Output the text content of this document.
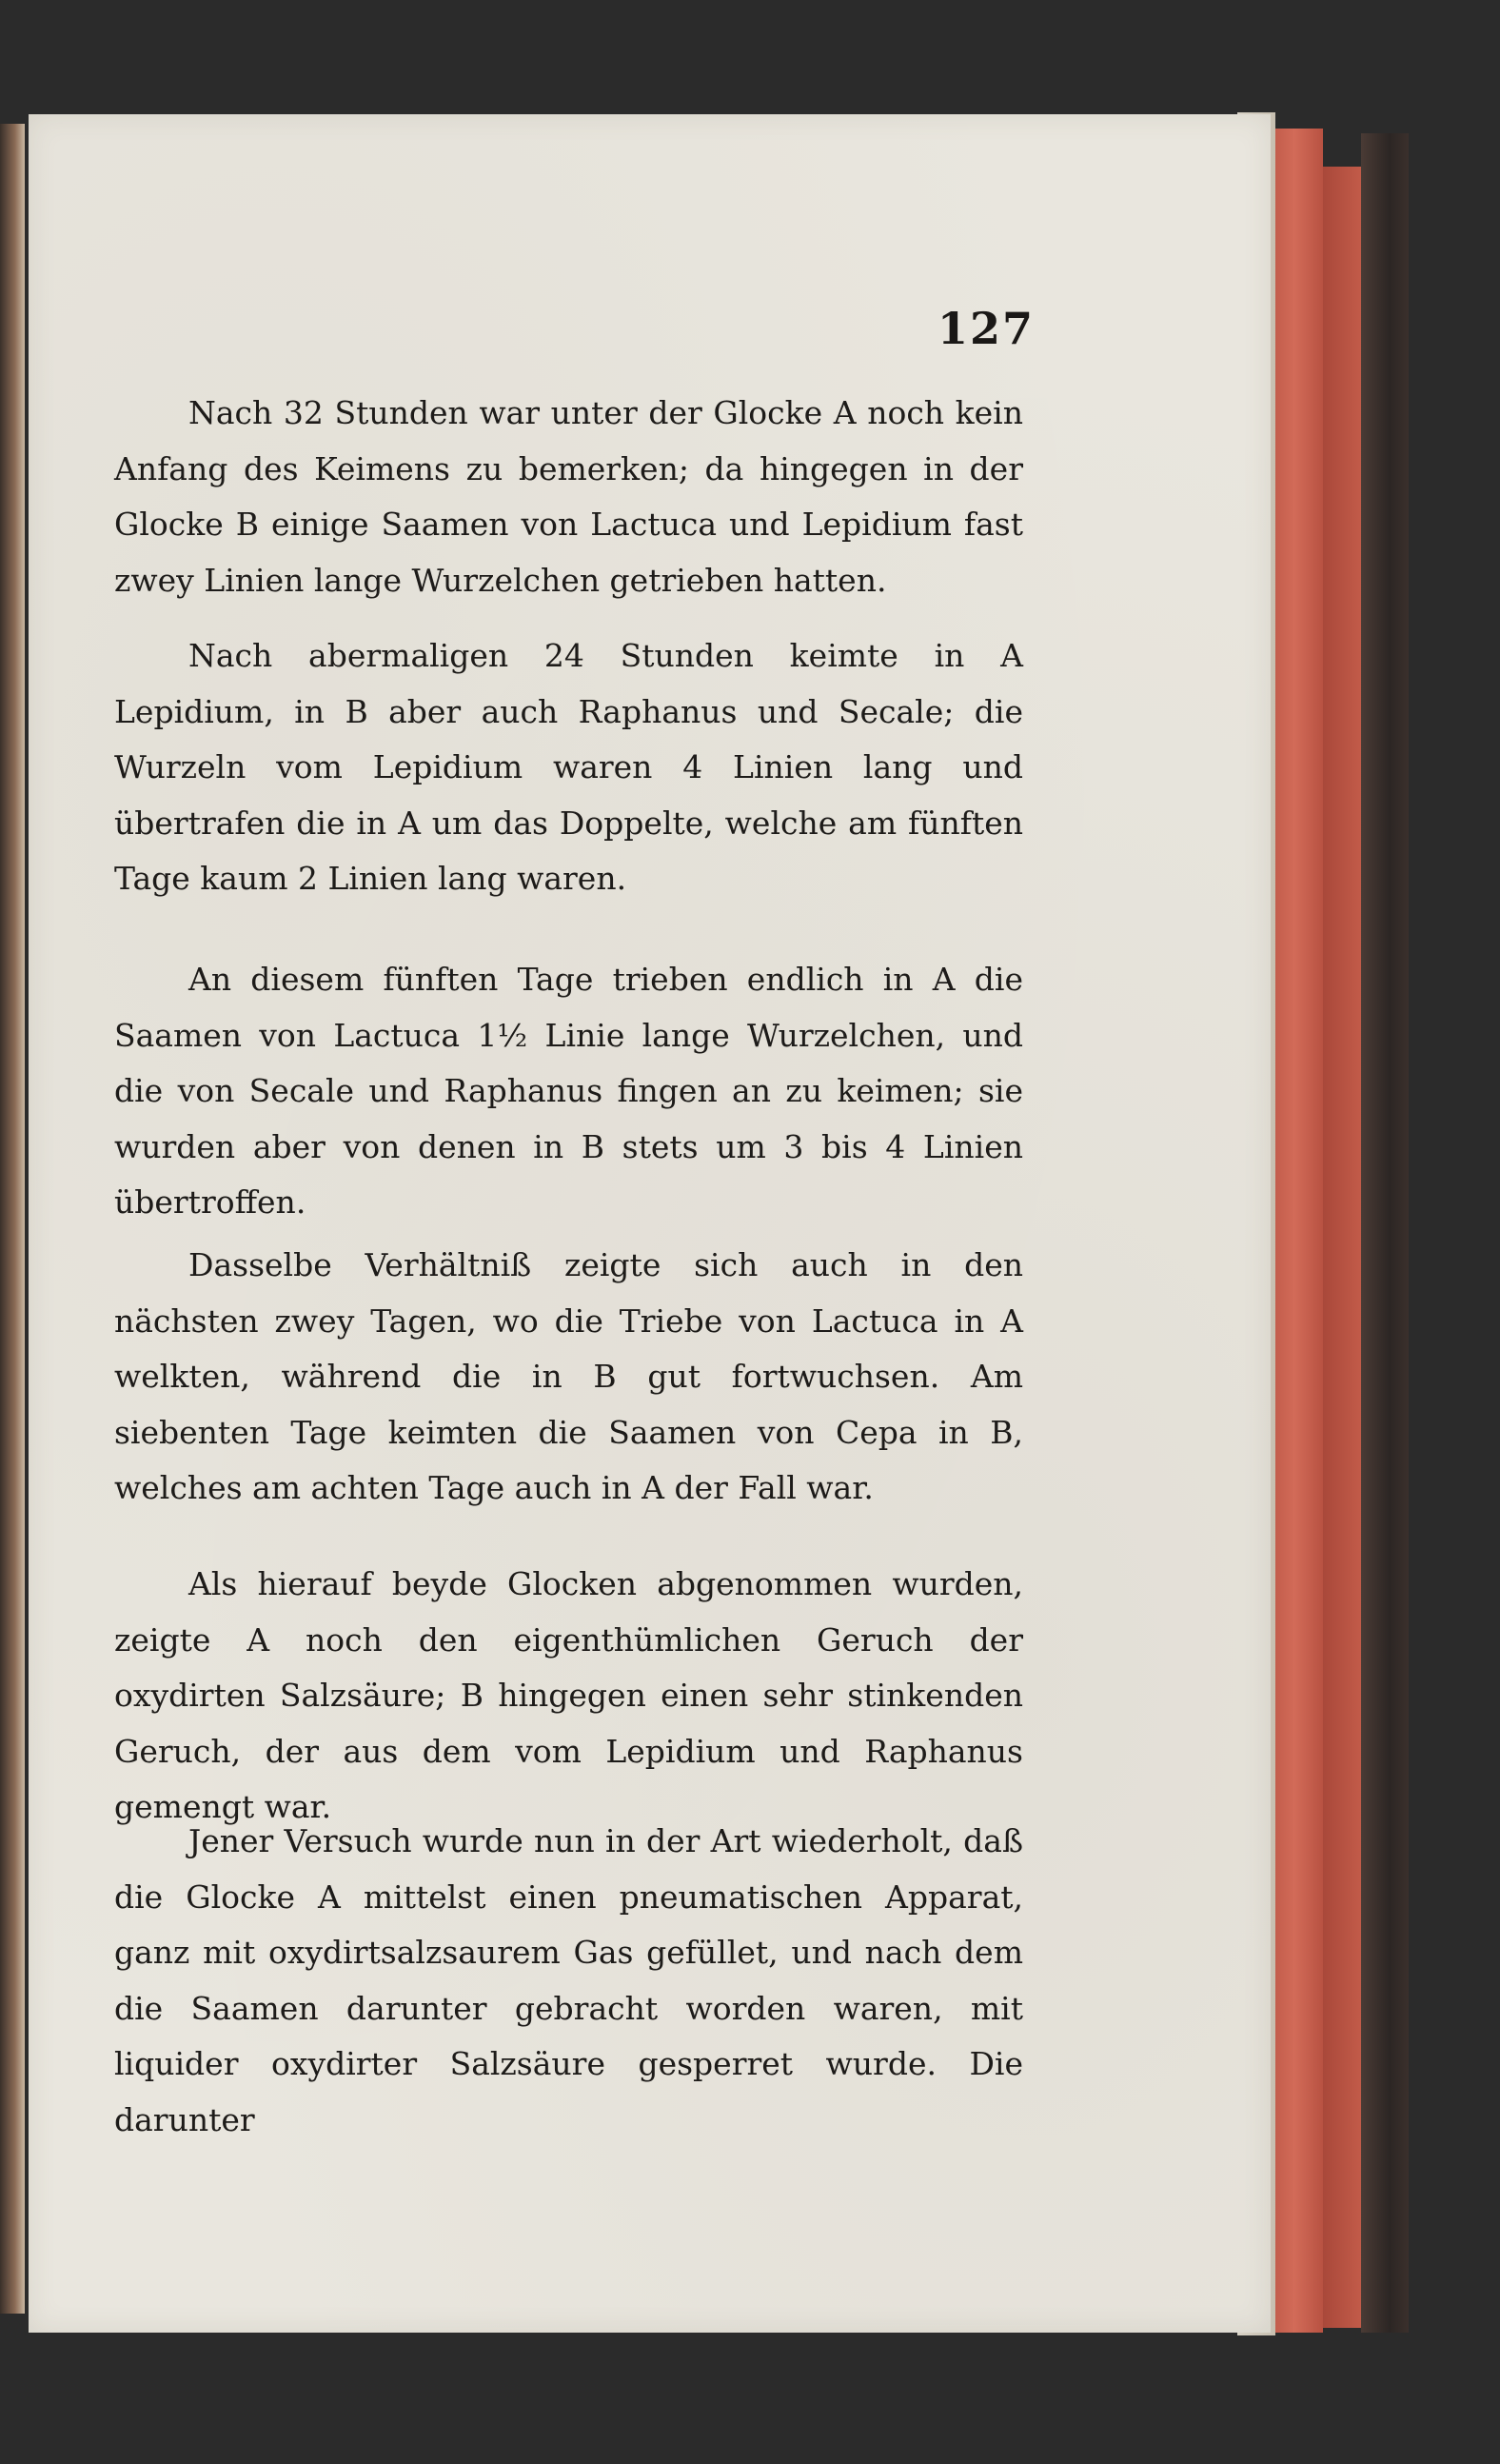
127

Nach 32 Stunden war unter der Glocke A noch kein Anfang des Keimens zu bemerken; da hingegen in der Glocke B einige Saamen von Lactuca und Lepidium fast zwey Linien lange Wurzelchen getrieben hatten.

Nach abermaligen 24 Stunden keimte in A Lepidium, in B aber auch Raphanus und Secale; die Wurzeln vom Lepidium waren 4 Linien lang und übertrafen die in A um das Doppelte, welche am fünften Tage kaum 2 Linien lang waren.

An diesem fünften Tage trieben endlich in A die Saamen von Lactuca 1½ Linie lange Wurzelchen, und die von Secale und Raphanus fingen an zu keimen; sie wurden aber von denen in B stets um 3 bis 4 Linien übertroffen.

Dasselbe Verhältniß zeigte sich auch in den nächsten zwey Tagen, wo die Triebe von Lactuca in A welkten, während die in B gut fortwuchsen. Am siebenten Tage keimten die Saamen von Cepa in B, welches am achten Tage auch in A der Fall war.

Als hierauf beyde Glocken abgenommen wurden, zeigte A noch den eigenthümlichen Geruch der oxydirten Salzsäure; B hingegen einen sehr stinkenden Geruch, der aus dem vom Lepidium und Raphanus gemengt war.

Jener Versuch wurde nun in der Art wiederholt, daß die Glocke A mittelst einen pneumatischen Apparat, ganz mit oxydirtsalzsaurem Gas gefüllet, und nach dem die Saamen darunter gebracht worden waren, mit liquider oxydirter Salzsäure gesperret wurde. Die darunter
